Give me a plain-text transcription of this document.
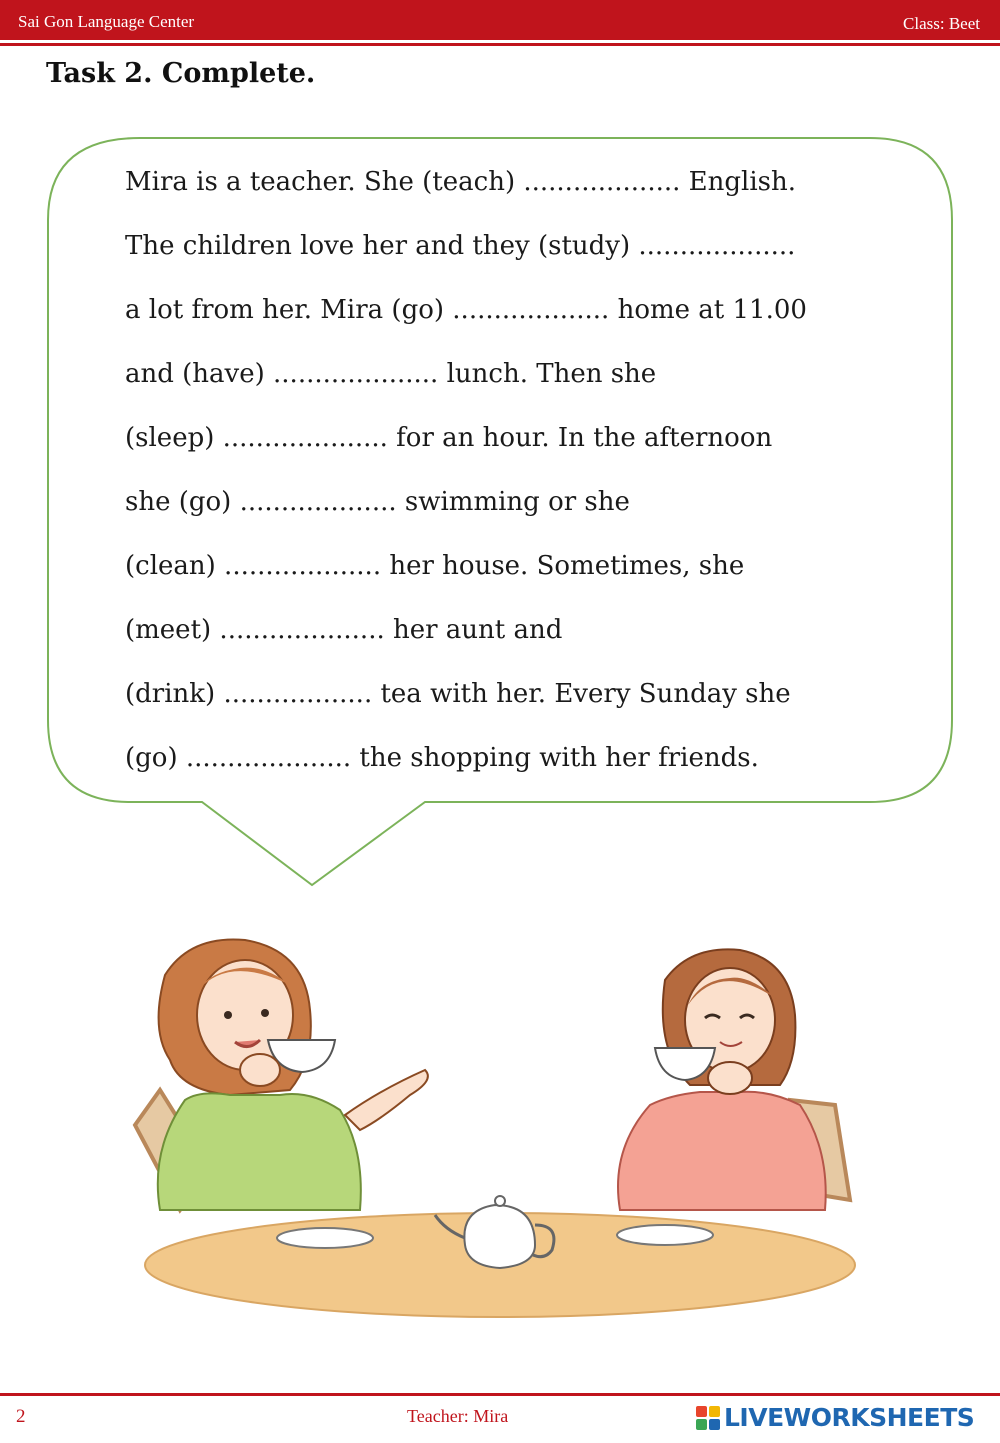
Sai Gon Language Center	Class: Beet
Task 2. Complete.
Mira is a teacher. She (teach) ................... English.
The children love her and they (study) ...................
a lot from her. Mira (go) ................... home at 11.00
and (have) .................... lunch. Then she
(sleep) .................... for an hour. In the afternoon
she (go) ................... swimming or she
(clean) ................... her house. Sometimes, she
(meet) .................... her aunt and
(drink) .................. tea with her. Every Sunday she
(go) .................... the shopping with her friends.
2	Teacher: Mira	LIVEWORKSHEETS
